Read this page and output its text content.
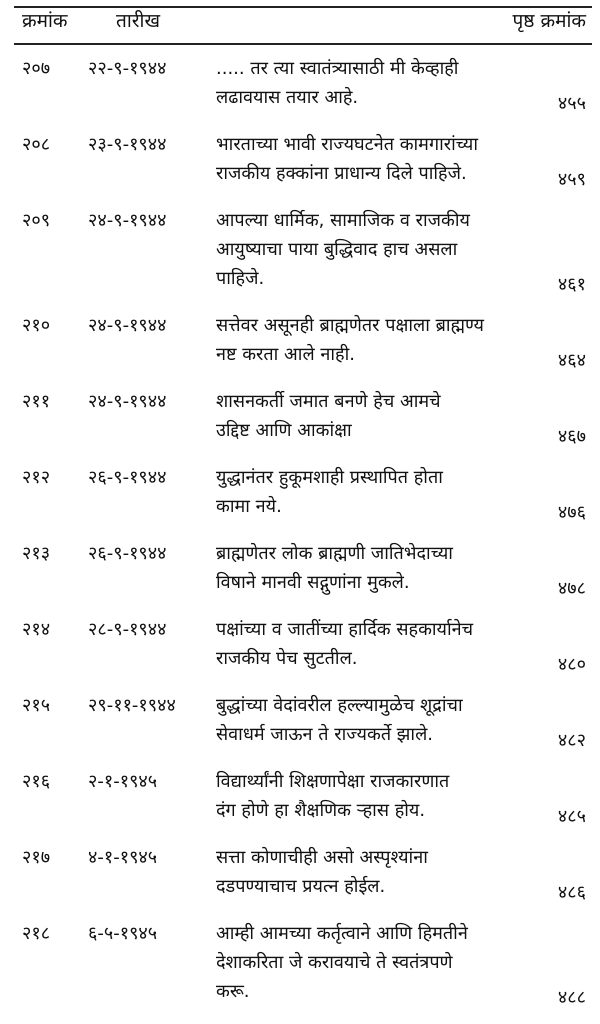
क्रमांक	तारीख	पृष्ठ क्रमांक
२०७ २२-९-१९४४	..... तर त्या स्वातंत्र्यासाठी मी केव्हाही
लढावयास तयार आहे.	४५५
२०८ २३-९-१९४४	भारताच्या भावी राज्यघटनेत कामगारांच्या
राजकीय हक्कांना प्राधान्य दिले पाहिजे.	४५९
२०९ २४-९-१९४४	आपल्या धार्मिक, सामाजिक व राजकीय
आयुष्याचा पाया बुद्धिवाद हाच असला
पाहिजे.	४६१
२१० २४-९-१९४४	सत्तेवर असूनही ब्राह्मणेतर पक्षाला ब्राह्मण्य
नष्ट करता आले नाही.	४६४
२११ २४-९-१९४४	शासनकर्ती जमात बनणे हेच आमचे
उद्दिष्ट आणि आकांक्षा	४६७
२१२ २६-९-१९४४	युद्धानंतर हुकूमशाही प्रस्थापित होता
कामा नये.	४७६
२१३ २६-९-१९४४	ब्राह्मणेतर लोक ब्राह्मणी जातिभेदाच्या
विषाने मानवी सद्गुणांना मुकले.	४७८
२१४ २८-९-१९४४	पक्षांच्या व जातींच्या हार्दिक सहकार्यानेच
राजकीय पेच सुटतील.	४८०
२१५ २९-११-१९४४ बुद्धांच्या वेदांवरील हल्ल्यामुळेच शूद्रांचा
सेवाधर्म जाऊन ते राज्यकर्ते झाले.	४८२
२१६ २-१-१९४५	विद्यार्थ्यांनी शिक्षणापेक्षा राजकारणात
दंग होणे हा शैक्षणिक ऱ्हास होय.	४८५
२१७ ४-१-१९४५	सत्ता कोणाचीही असो अस्पृश्यांना
दडपण्याचाच प्रयत्न होईल.	४८६
२१८ ६-५-१९४५	आम्ही आमच्या कर्तृत्वाने आणि हिमतीने
देशाकरिता जे करावयाचे ते स्वतंत्रपणे
करू.	४८८
